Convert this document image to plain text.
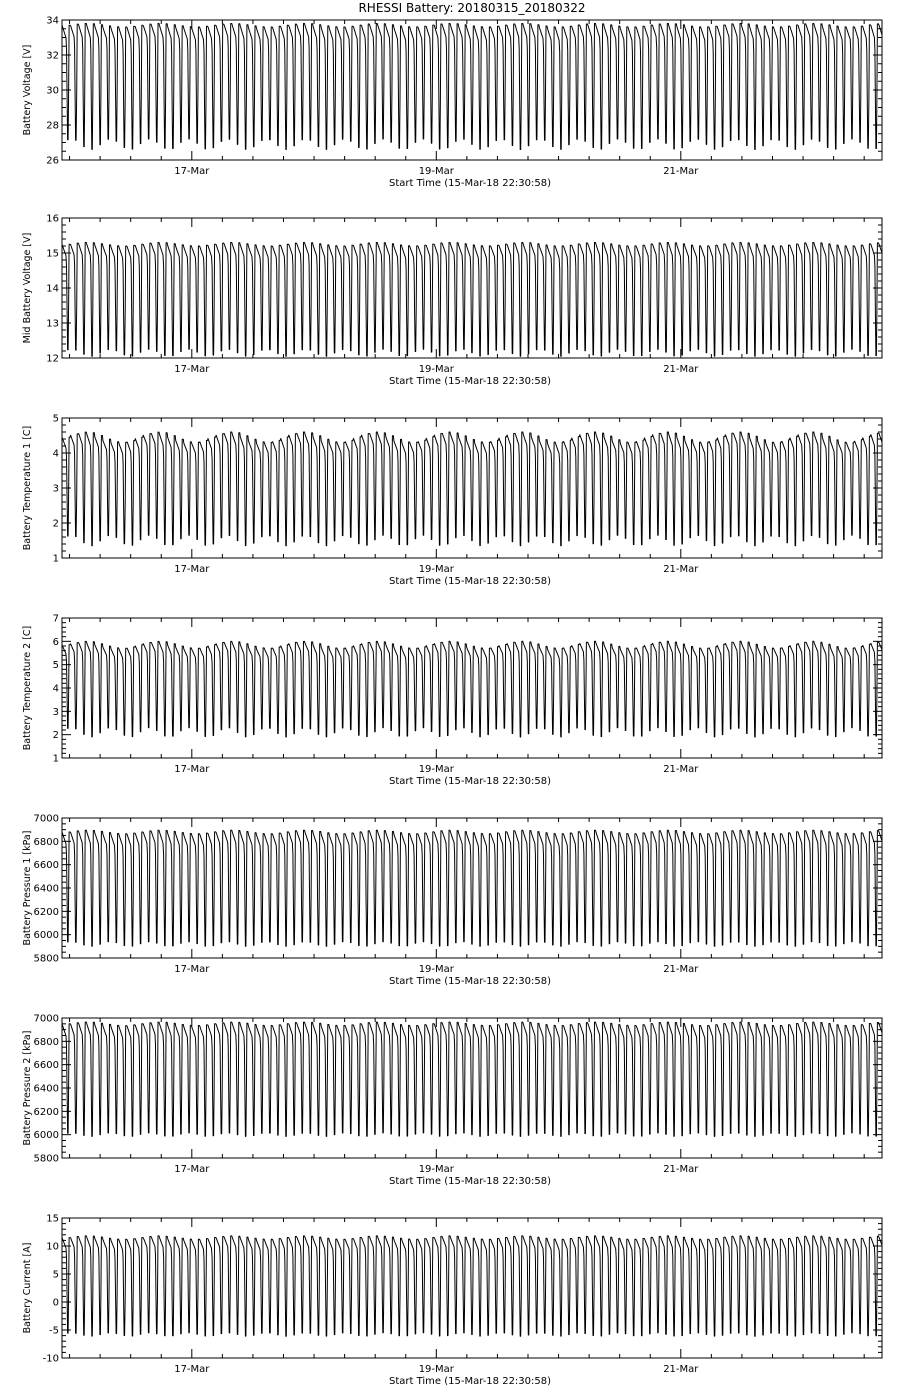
RHESSI Battery: 20180315_20180322
26
28
30
32
34
17-Mar	19-Mar	21-Mar
Start Time (15-Mar-18 22:30:58)
Battery Voltage [V]
12
13
14
15
16
17-Mar	19-Mar	21-Mar
Start Time (15-Mar-18 22:30:58)
Mid Battery Voltage [V]
1
2
3
4
5
17-Mar	19-Mar	21-Mar
Start Time (15-Mar-18 22:30:58)
Battery Temperature 1 [C]
1
2
3
4
5
6
7
17-Mar	19-Mar	21-Mar
Start Time (15-Mar-18 22:30:58)
Battery Temperature 2 [C]
5800
6000
6200
6400
6600
6800
7000
17-Mar	19-Mar	21-Mar
Start Time (15-Mar-18 22:30:58)
Battery Pressure 1 [kPa]
5800
6000
6200
6400
6600
6800
7000
17-Mar	19-Mar	21-Mar
Start Time (15-Mar-18 22:30:58)
Battery Pressure 2 [kPa]
-10
-5
0
5
10
15
17-Mar	19-Mar	21-Mar
Start Time (15-Mar-18 22:30:58)
Battery Current [A]
